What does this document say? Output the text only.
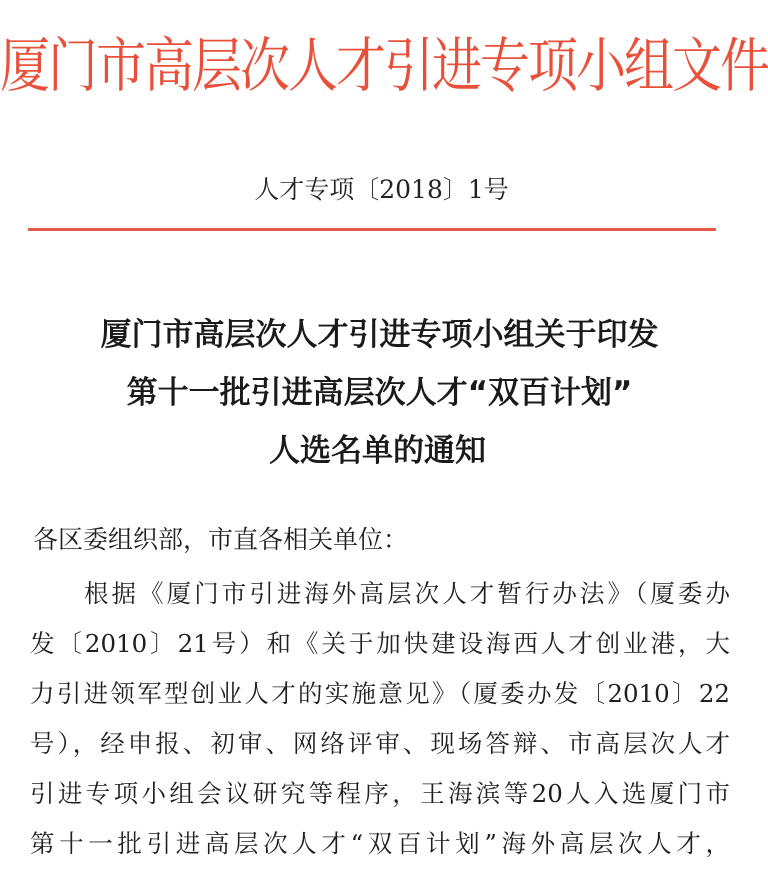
厦门市高层次人才引进专项小组文件
人才专项〔2018〕1号
厦门市高层次人才引进专项小组关于印发
第十一批引进高层次人才“双百计划”
人选名单的通知
各区委组织部，市直各相关单位：
根据《厦门市引进海外高层次人才暂行办法》（厦委办
发〔2010〕21号）和《关于加快建设海西人才创业港，大
力引进领军型创业人才的实施意见》（厦委办发〔2010〕22
号），经申报、初审、网络评审、现场答辩、市高层次人才
引进专项小组会议研究等程序，王海滨等20人入选厦门市
第十一批引进高层次人才“双百计划”海外高层次人才，
